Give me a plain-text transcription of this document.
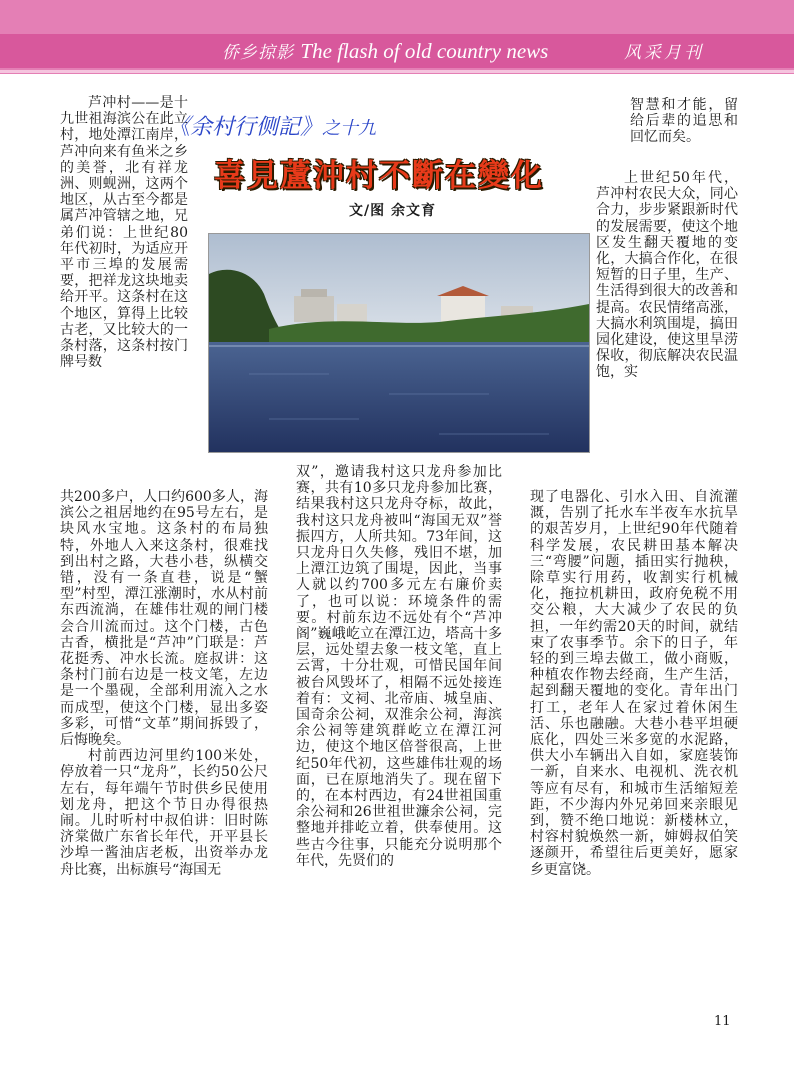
侨乡掠影 The flash of old country news	风采月刊
《余村行侧記》之十九
喜見蘆沖村不斷在變化
文/图 余文育

芦冲村——是十九世祖海滨公在此立村，地处潭江南岸，芦冲向来有鱼米之乡的美誉，北有祥龙洲、则蚬洲，这两个地区，从古至今都是属芦冲管辖之地，兄弟们说：上世纪80年代初时，为适应开平市三埠的发展需要，把祥龙这块地卖给开平。这条村在这个地区，算得上比较古老，又比较大的一条村落，这条村按门牌号数

共200多户，人口约600多人，海滨公之祖居地约在95号左右，是块风水宝地。这条村的布局独特，外地人入来这条村，很难找到出村之路，大巷小巷，纵横交错，没有一条直巷，说是“蟹型”村型，潭江涨潮时，水从村前东西流淌，在雄伟壮观的闸门楼会合川流而过。这个门楼，古色古香，横批是“芦冲”门联是：芦花挺秀、冲水长流。庭叔讲：这条村门前右边是一枝文笔，左边是一个墨砚，全部利用流入之水而成型，使这个门楼，显出多姿多彩，可惜“文革”期间拆毁了，后悔晚矣。

村前西边河里约100米处，停放着一只“龙舟”，长约50公尺左右，每年端午节时供乡民使用划龙舟，把这个节日办得很热闹。儿时听村中叔伯讲：旧时陈济棠做广东省长年代，开平县长沙埠一酱油店老板，出资举办龙舟比赛，出标旗号“海国无

双”，邀请我村这只龙舟参加比赛，共有10多只龙舟参加比赛，结果我村这只龙舟夺标，故此，我村这只龙舟被叫“海国无双”誉振四方，人所共知。73年间，这只龙舟日久失修，残旧不堪，加上潭江边筑了围堤，因此，当事人就以约700多元左右廉价卖了，也可以说：环境条件的需要。村前东边不远处有个“芦冲阁”巍峨屹立在潭江边，塔高十多层，远处望去象一枝文笔，直上云霄，十分壮观，可惜民国年间被台风毁坏了，相隔不远处接连着有：文祠、北帝庙、城皇庙、国奇余公祠，双淮余公祠，海滨余公祠等建筑群屹立在潭江河边，使这个地区倍誉很高，上世纪50年代初，这些雄伟壮观的场面，已在原地消失了。现在留下的，在本村西边，有24世祖国重余公祠和26世祖世濂余公祠，完整地并排屹立着，供奉使用。这些古今往事，只能充分说明那个年代，先贤们的

智慧和才能，留给后辈的追思和回忆而矣。

上世纪50年代，芦冲村农民大众，同心合力，步步紧跟新时代的发展需要，使这个地区发生翻天覆地的变化，大搞合作化，在很短暂的日子里，生产、生活得到很大的改善和提高。农民情绪高涨，大搞水利筑围堤，搞田园化建设，使这里旱涝保收，彻底解决农民温饱，实

现了电器化、引水入田、自流灌溉，告别了托水车半夜车水抗旱的艰苦岁月，上世纪90年代随着科学发展，农民耕田基本解决三“弯腰”问题，插田实行抛秧，除草实行用药，收割实行机械化，拖拉机耕田，政府免税不用交公粮，大大减少了农民的负担，一年约需20天的时间，就结束了农事季节。余下的日子，年轻的到三埠去做工，做小商贩，种植农作物去经商，生产生活，起到翻天覆地的变化。青年出门打工，老年人在家过着休闲生活、乐也融融。大巷小巷平坦硬底化，四处三米多宽的水泥路，供大小车辆出入自如，家庭装饰一新，自来水、电视机、洗衣机等应有尽有，和城市生活缩短差距，不少海内外兄弟回来亲眼见到，赞不绝口地说：新楼林立，村容村貌焕然一新，婶姆叔伯笑逐颜开，希望往后更美好，愿家乡更富饶。

11
